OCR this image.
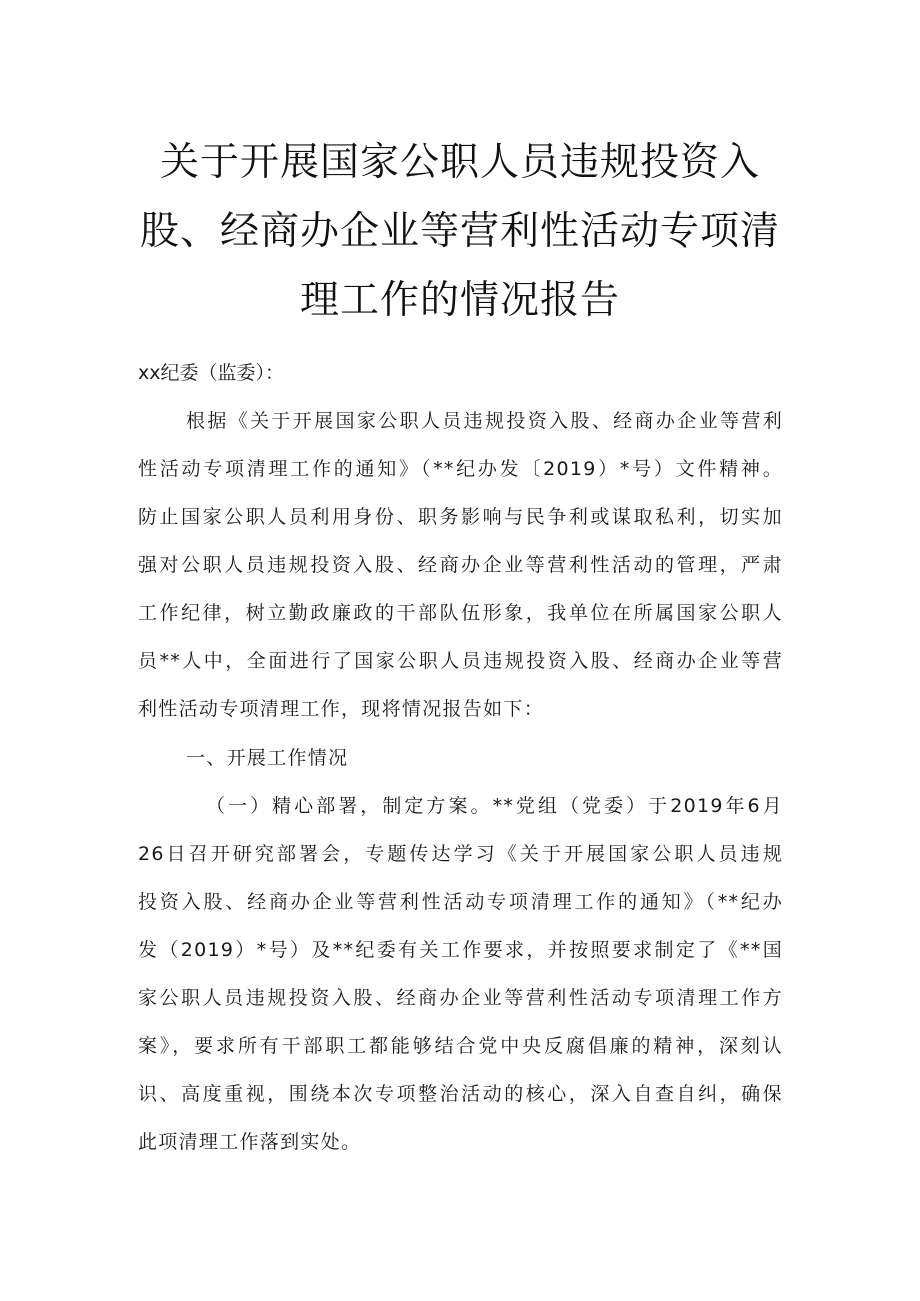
关于开展国家公职人员违规投资入
股、经商办企业等营利性活动专项清
理工作的情况报告
xx纪委（监委）：
根据《关于开展国家公职人员违规投资入股、经商办企业等营利
性活动专项清理工作的通知》（**纪办发〔2019）*号）文件精神。
防止国家公职人员利用身份、职务影响与民争利或谋取私利，切实加
强对公职人员违规投资入股、经商办企业等营利性活动的管理，严肃
工作纪律，树立勤政廉政的干部队伍形象，我单位在所属国家公职人
员**人中，全面进行了国家公职人员违规投资入股、经商办企业等营
利性活动专项清理工作，现将情况报告如下：
一、开展工作情况
（一）精心部署，制定方案。**党组（党委）于2019年6月
26日召开研究部署会，专题传达学习《关于开展国家公职人员违规
投资入股、经商办企业等营利性活动专项清理工作的通知》（**纪办
发（2019）*号）及**纪委有关工作要求，并按照要求制定了《**国
家公职人员违规投资入股、经商办企业等营利性活动专项清理工作方
案》，要求所有干部职工都能够结合党中央反腐倡廉的精神，深刻认
识、高度重视，围绕本次专项整治活动的核心，深入自查自纠，确保
此项清理工作落到实处。
